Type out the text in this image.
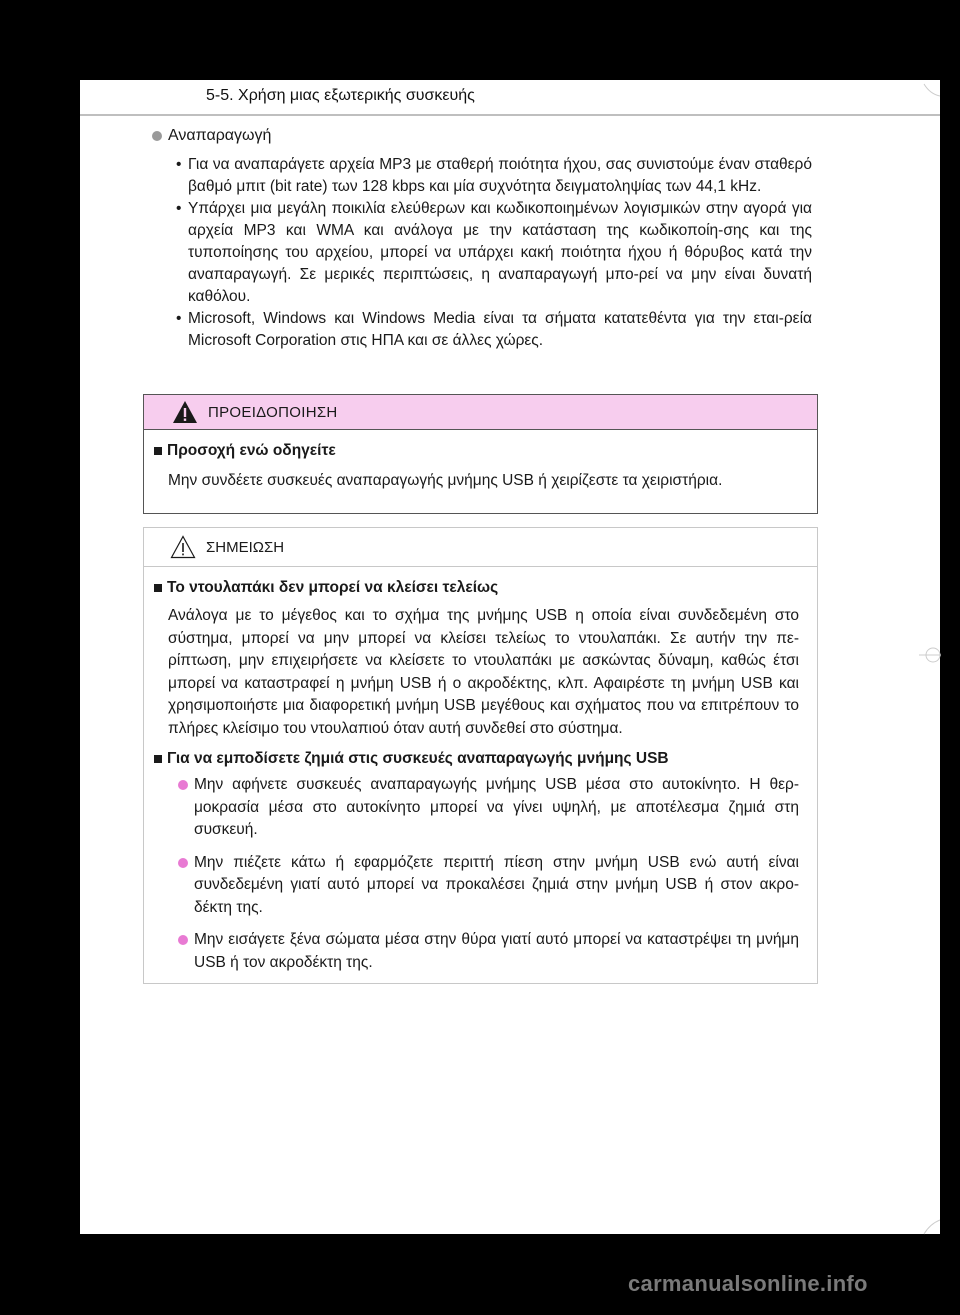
5-5. Χρήση μιας εξωτερικής συσκευής
Αναπαραγωγή

• Για να αναπαράγετε αρχεία MP3 με σταθερή ποιότητα ήχου, σας συνιστούμε έναν σταθερό βαθμό μπιτ (bit rate) των 128 kbps και μία συχνότητα δειγματοληψίας των 44,1 kHz.

• Υπάρχει μια μεγάλη ποικιλία ελεύθερων και κωδικοποιημένων λογισμικών στην αγορά για αρχεία MP3 και WMA και ανάλογα με την κατάσταση της κωδικοποίη-σης και της τυποποίησης του αρχείου, μπορεί να υπάρχει κακή ποιότητα ήχου ή θόρυβος κατά την αναπαραγωγή. Σε μερικές περιπτώσεις, η αναπαραγωγή μπο-ρεί να μην είναι δυνατή καθόλου.

• Microsoft, Windows και Windows Media είναι τα σήματα κατατεθέντα για την εται-ρεία Microsoft Corporation στις ΗΠΑ και σε άλλες χώρες.

ΠΡΟΕΙΔΟΠΟΙΗΣΗ

Προσοχή ενώ οδηγείτε

Μην συνδέετε συσκευές αναπαραγωγής μνήμης USB ή χειρίζεστε τα χειριστήρια.

ΣΗΜΕΙΩΣΗ

Το ντουλαπάκι δεν μπορεί να κλείσει τελείως

Ανάλογα με το μέγεθος και το σχήμα της μνήμης USB η οποία είναι συνδεδεμένη στο σύστημα, μπορεί να μην μπορεί να κλείσει τελείως το ντουλαπάκι. Σε αυτήν την πε-ρίπτωση, μην επιχειρήσετε να κλείσετε το ντουλαπάκι με ασκώντας δύναμη, καθώς έτσι μπορεί να καταστραφεί η μνήμη USB ή ο ακροδέκτης, κλπ. Αφαιρέστε τη μνήμη USB και χρησιμοποιήστε μια διαφορετική μνήμη USB μεγέθους και σχήματος που να επιτρέπουν το πλήρες κλείσιμο του ντουλαπιού όταν αυτή συνδεθεί στο σύστημα.

Για να εμποδίσετε ζημιά στις συσκευές αναπαραγωγής μνήμης USB

Μην αφήνετε συσκευές αναπαραγωγής μνήμης USB μέσα στο αυτοκίνητο. Η θερ-μοκρασία μέσα στο αυτοκίνητο μπορεί να γίνει υψηλή, με αποτέλεσμα ζημιά στη συσκευή.

Μην πιέζετε κάτω ή εφαρμόζετε περιττή πίεση στην μνήμη USB ενώ αυτή είναι συνδεδεμένη γιατί αυτό μπορεί να προκαλέσει ζημιά στην μνήμη USB ή στον ακρο-δέκτη της.

Μην εισάγετε ξένα σώματα μέσα στην θύρα γιατί αυτό μπορεί να καταστρέψει τη μνήμη USB ή τον ακροδέκτη της.

carmanualsonline.info
